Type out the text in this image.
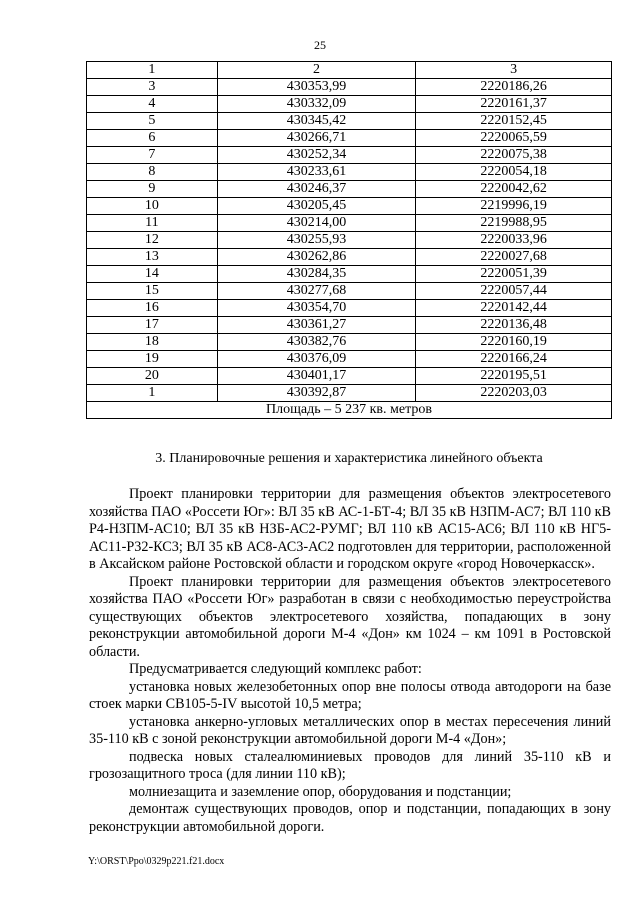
25
1	2	3
3	430353,99	2220186,26
4	430332,09	2220161,37
5	430345,42	2220152,45
6	430266,71	2220065,59
7	430252,34	2220075,38
8	430233,61	2220054,18
9	430246,37	2220042,62
10	430205,45	2219996,19
11	430214,00	2219988,95
12	430255,93	2220033,96
13	430262,86	2220027,68
14	430284,35	2220051,39
15	430277,68	2220057,44
16	430354,70	2220142,44
17	430361,27	2220136,48
18	430382,76	2220160,19
19	430376,09	2220166,24
20	430401,17	2220195,51
1	430392,87	2220203,03
Площадь – 5 237 кв. метров		
3. Планировочные решения и характеристика линейного объекта

Проект планировки территории для размещения объектов электросетевого хозяйства ПАО «Россети Юг»: ВЛ 35 кВ АС-1-БТ-4; ВЛ 35 кВ НЗПМ-АС7; ВЛ 110 кВ Р4-НЗПМ-АС10; ВЛ 35 кВ НЗБ-АС2-РУМГ; ВЛ 110 кВ АС15-АС6; ВЛ 110 кВ НГ5-АС11-Р32-КС3; ВЛ 35 кВ АС8-АС3-АС2 подготовлен для территории, расположенной в Аксайском районе Ростовской области и городском округе «город Новочеркасск».

Проект планировки территории для размещения объектов электросетевого хозяйства ПАО «Россети Юг» разработан в связи с необходимостью переустройства существующих объектов электросетевого хозяйства, попадающих в зону реконструкции автомобильной дороги М-4 «Дон» км 1024 – км 1091 в Ростовской области.

Предусматривается следующий комплекс работ:

установка новых железобетонных опор вне полосы отвода автодороги на базе стоек марки СВ105-5-IV высотой 10,5 метра;

установка анкерно-угловых металлических опор в местах пересечения линий 35-110 кВ с зоной реконструкции автомобильной дороги М-4 «Дон»;

подвеска новых сталеалюминиевых проводов для линий 35-110 кВ и грозозащитного троса (для линии 110 кВ);

молниезащита и заземление опор, оборудования и подстанции;

демонтаж существующих проводов, опор и подстанции, попадающих в зону реконструкции автомобильной дороги.

Y:\ORST\Ppo\0329p221.f21.docx
